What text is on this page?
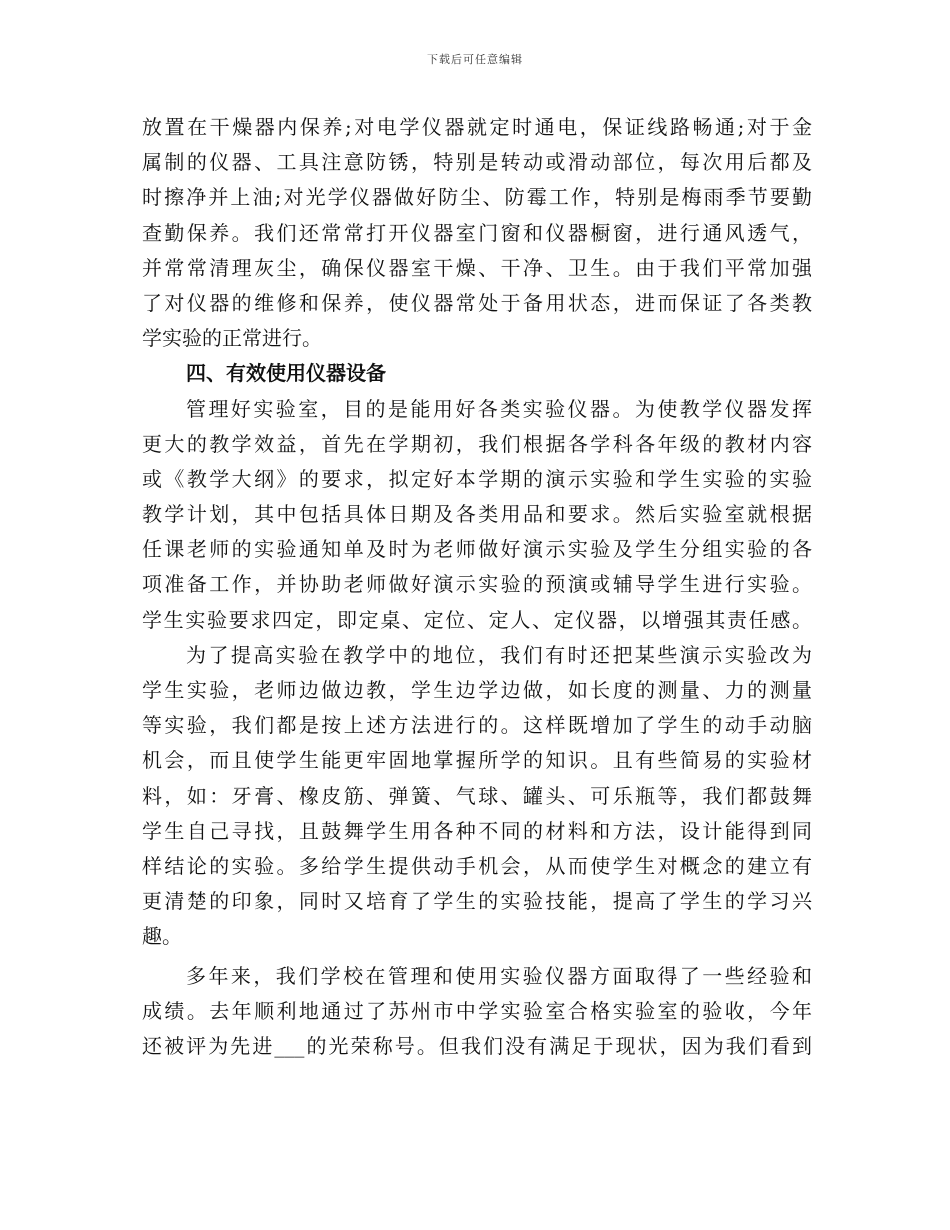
下载后可任意编辑
放置在干燥器内保养;对电学仪器就定时通电，保证线路畅通;对于金
属制的仪器、工具注意防锈，特别是转动或滑动部位，每次用后都及
时擦净并上油;对光学仪器做好防尘、防霉工作，特别是梅雨季节要勤
查勤保养。我们还常常打开仪器室门窗和仪器橱窗，进行通风透气，
并常常清理灰尘，确保仪器室干燥、干净、卫生。由于我们平常加强
了对仪器的维修和保养，使仪器常处于备用状态，进而保证了各类教
学实验的正常进行。
四、有效使用仪器设备
管理好实验室，目的是能用好各类实验仪器。为使教学仪器发挥
更大的教学效益，首先在学期初，我们根据各学科各年级的教材内容
或《教学大纲》的要求，拟定好本学期的演示实验和学生实验的实验
教学计划，其中包括具体日期及各类用品和要求。然后实验室就根据
任课老师的实验通知单及时为老师做好演示实验及学生分组实验的各
项准备工作，并协助老师做好演示实验的预演或辅导学生进行实验。
学生实验要求四定，即定桌、定位、定人、定仪器，以增强其责任感。
为了提高实验在教学中的地位，我们有时还把某些演示实验改为
学生实验，老师边做边教，学生边学边做，如长度的测量、力的测量
等实验，我们都是按上述方法进行的。这样既增加了学生的动手动脑
机会，而且使学生能更牢固地掌握所学的知识。且有些简易的实验材
料，如：牙膏、橡皮筋、弹簧、气球、罐头、可乐瓶等，我们都鼓舞
学生自己寻找，且鼓舞学生用各种不同的材料和方法，设计能得到同
样结论的实验。多给学生提供动手机会，从而使学生对概念的建立有
更清楚的印象，同时又培育了学生的实验技能，提高了学生的学习兴
趣。
多年来，我们学校在管理和使用实验仪器方面取得了一些经验和
成绩。去年顺利地通过了苏州市中学实验室合格实验室的验收，今年
还被评为先进___的光荣称号。但我们没有满足于现状，因为我们看到
